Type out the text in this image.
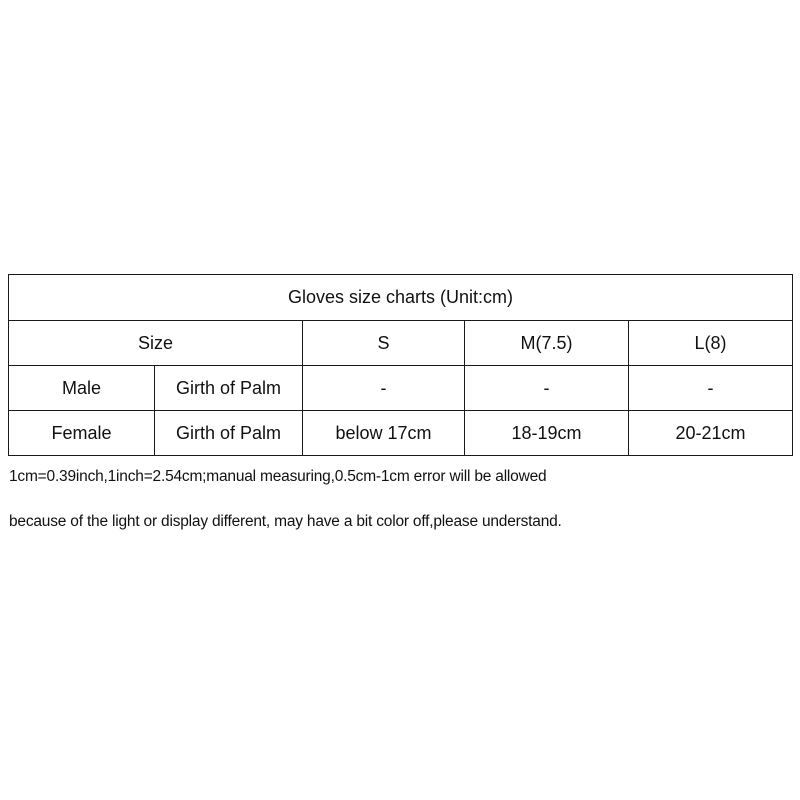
Gloves size charts (Unit:cm)				
Size		S	M(7.5)	L(8)
Male	Girth of Palm	-	-	-
Female	Girth of Palm	below 17cm	18-19cm	20-21cm
1cm=0.39inch,1inch=2.54cm;manual measuring,0.5cm-1cm error will be allowed
because of the light or display different, may have a bit color off,please understand.
